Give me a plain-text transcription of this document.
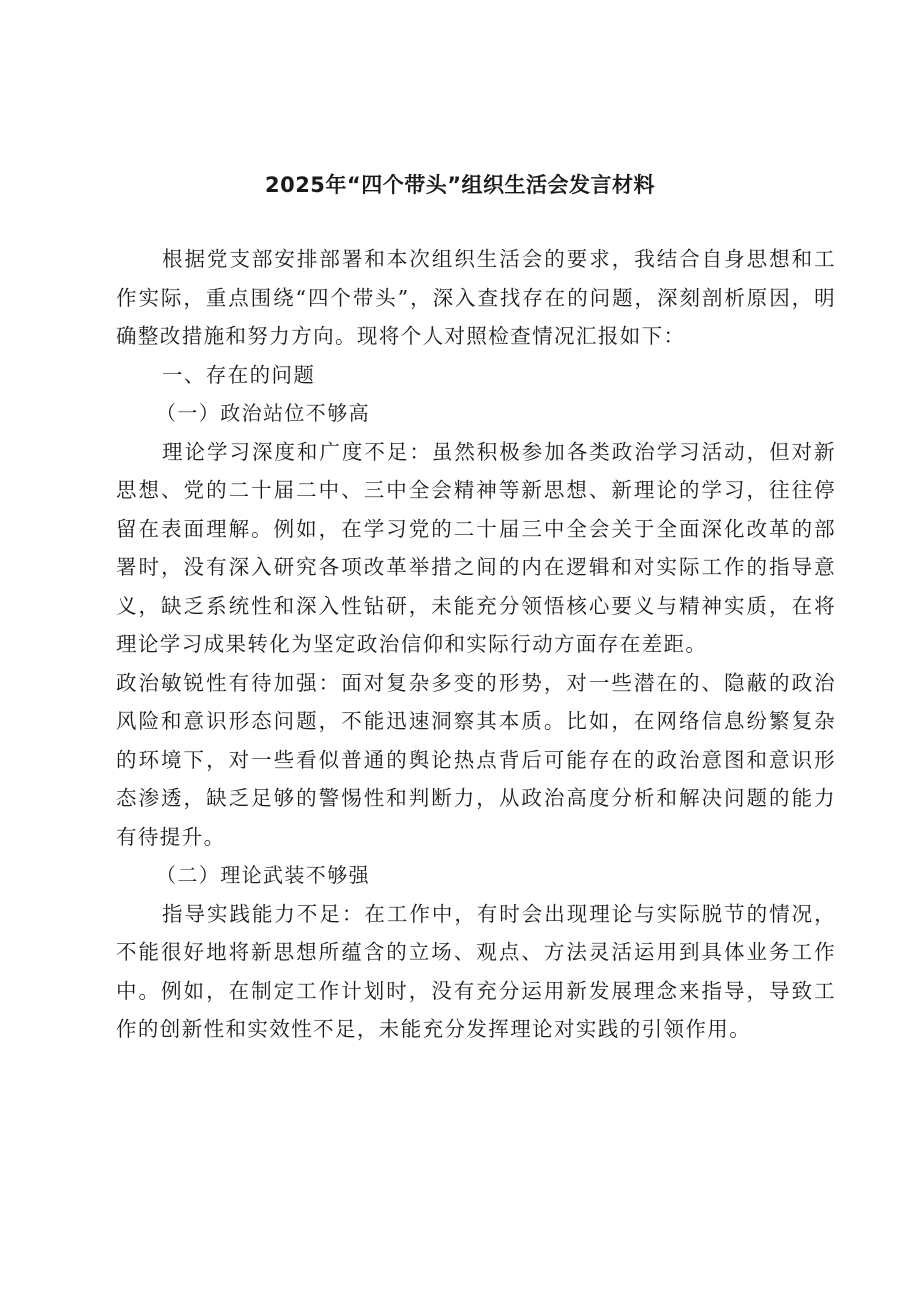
2025年“四个带头”组织生活会发言材料

根据党支部安排部署和本次组织生活会的要求，我结合自身思想和工作实际，重点围绕“四个带头”，深入查找存在的问题，深刻剖析原因，明确整改措施和努力方向。现将个人对照检查情况汇报如下：

一、存在的问题

（一）政治站位不够高

理论学习深度和广度不足：虽然积极参加各类政治学习活动，但对新思想、党的二十届二中、三中全会精神等新思想、新理论的学习，往往停留在表面理解。例如，在学习党的二十届三中全会关于全面深化改革的部署时，没有深入研究各项改革举措之间的内在逻辑和对实际工作的指导意义，缺乏系统性和深入性钻研，未能充分领悟核心要义与精神实质，在将理论学习成果转化为坚定政治信仰和实际行动方面存在差距。

政治敏锐性有待加强：面对复杂多变的形势，对一些潜在的、隐蔽的政治风险和意识形态问题，不能迅速洞察其本质。比如，在网络信息纷繁复杂的环境下，对一些看似普通的舆论热点背后可能存在的政治意图和意识形态渗透，缺乏足够的警惕性和判断力，从政治高度分析和解决问题的能力有待提升。

（二）理论武装不够强

指导实践能力不足：在工作中，有时会出现理论与实际脱节的情况，不能很好地将新思想所蕴含的立场、观点、方法灵活运用到具体业务工作中。例如，在制定工作计划时，没有充分运用新发展理念来指导，导致工作的创新性和实效性不足，未能充分发挥理论对实践的引领作用。
